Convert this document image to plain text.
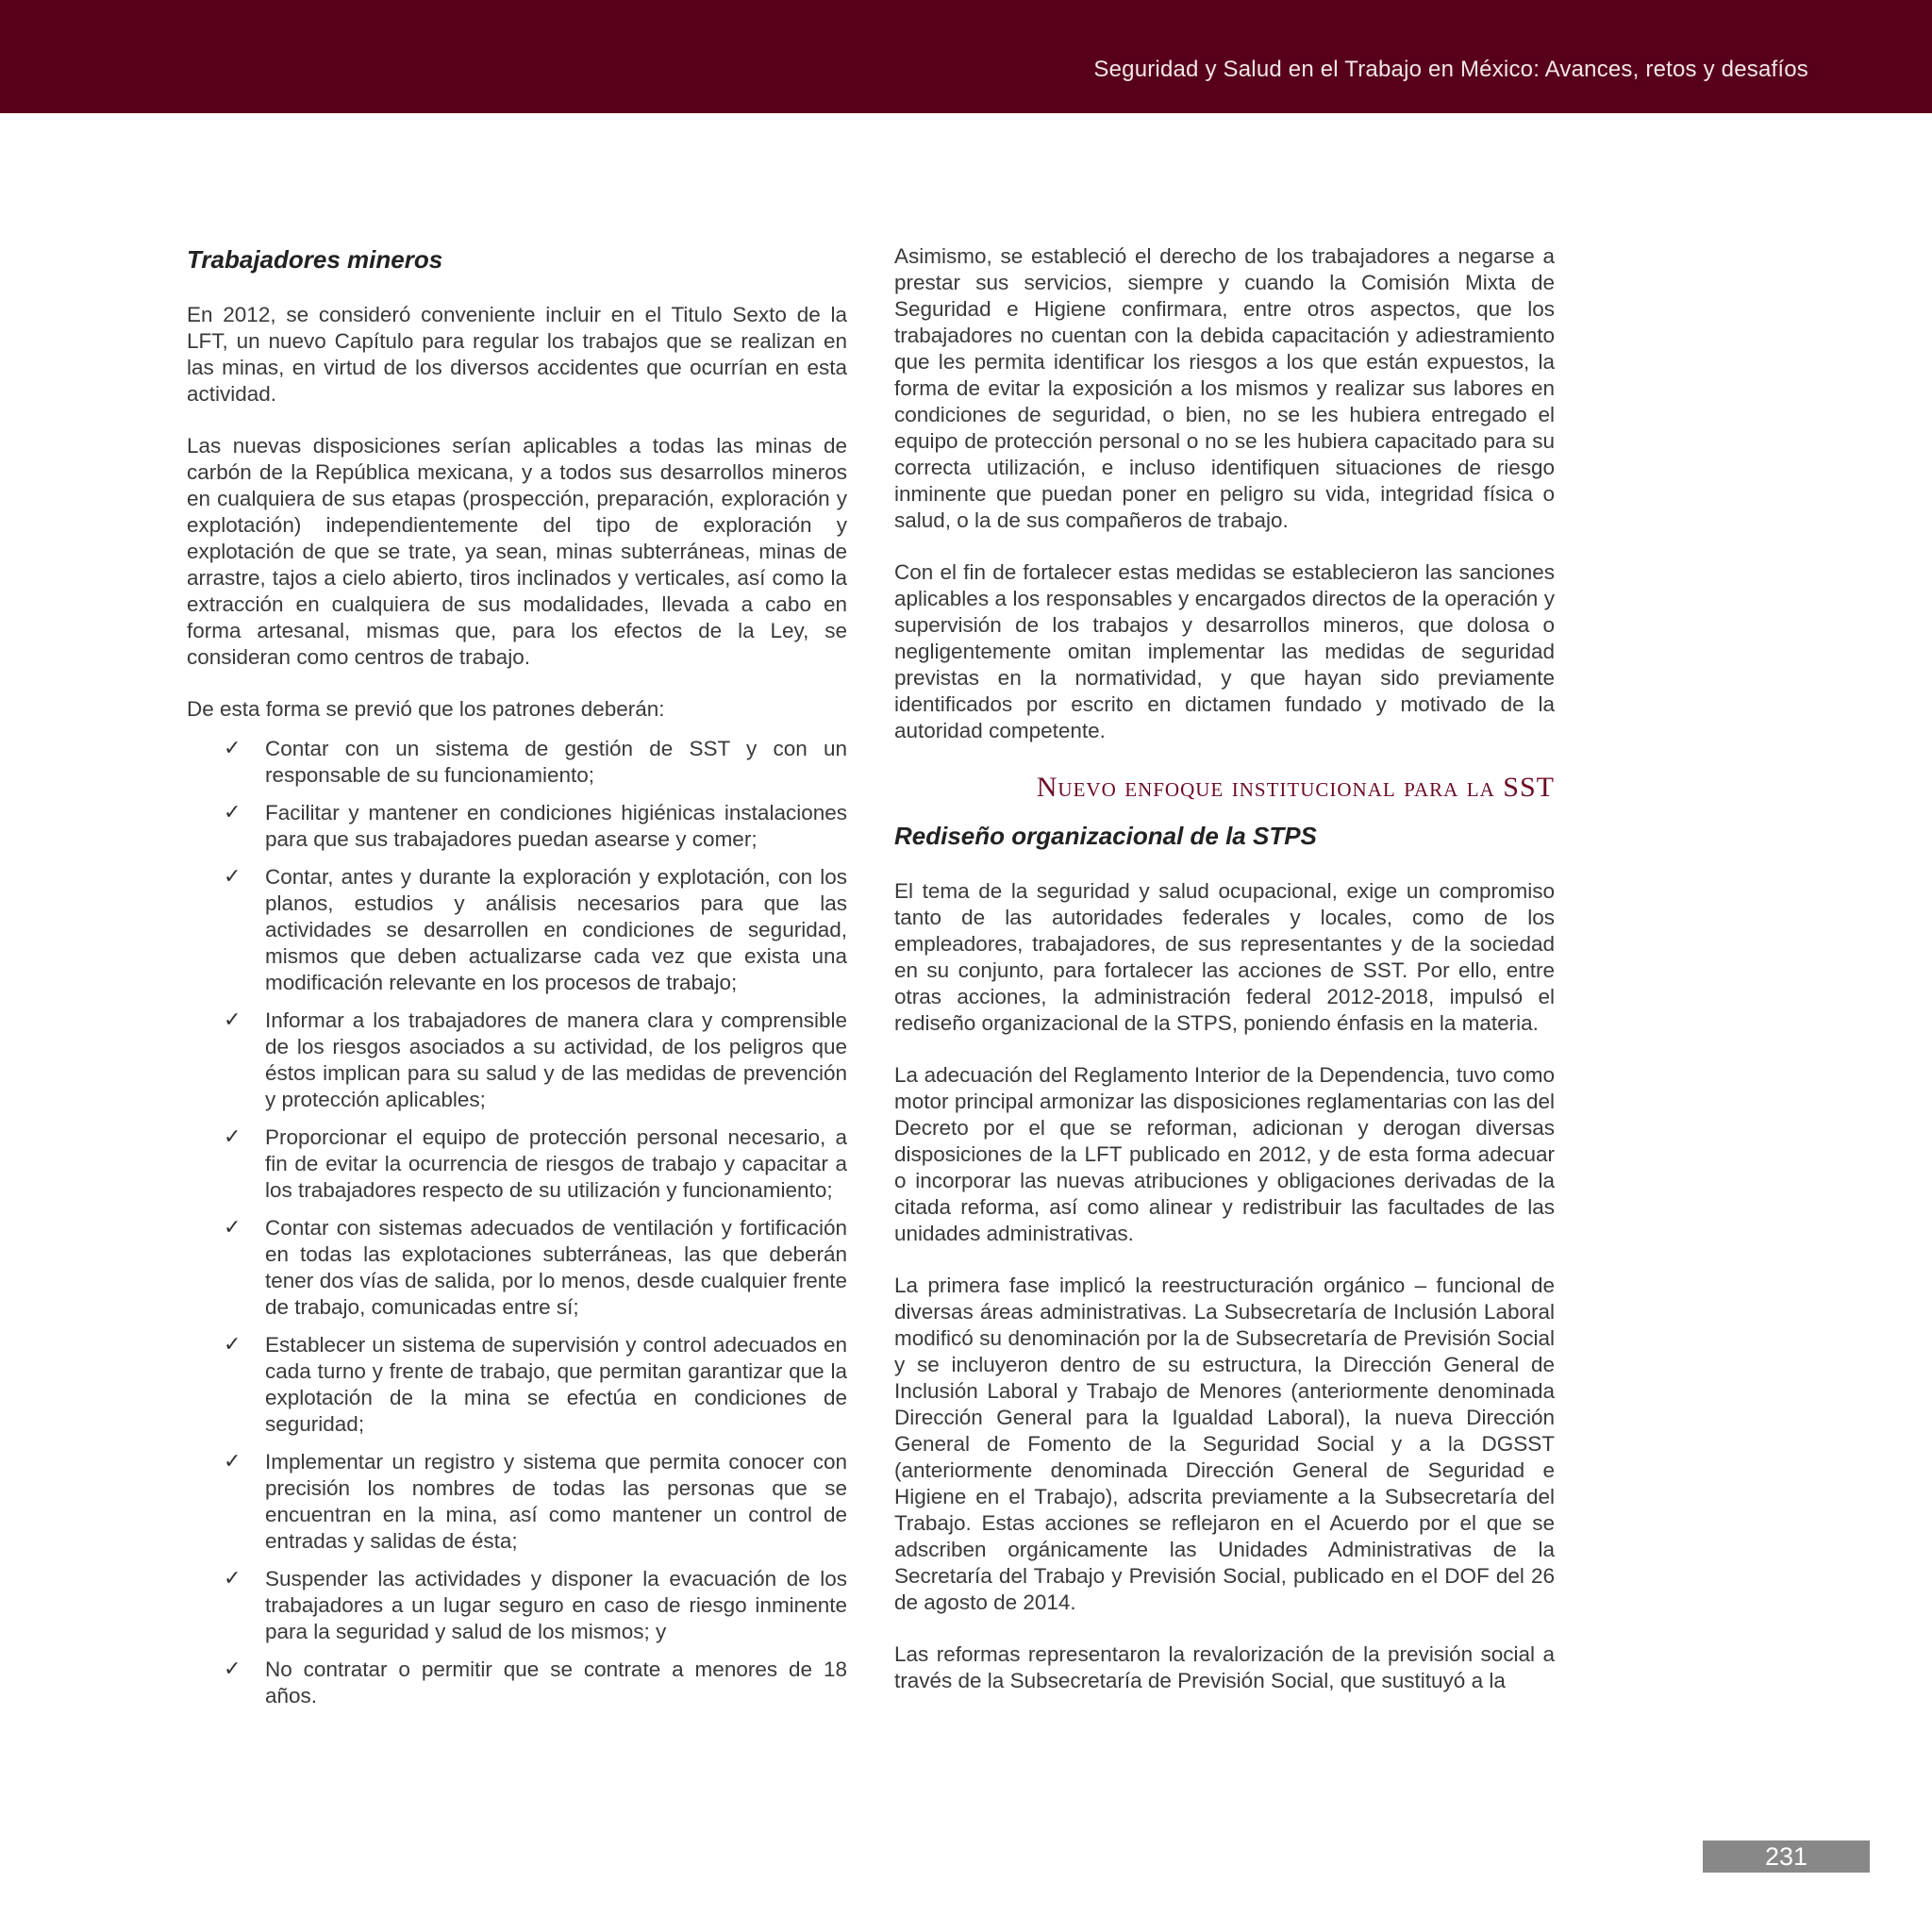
Seguridad y Salud en el Trabajo en México: Avances, retos y desafíos
Trabajadores mineros

En 2012, se consideró conveniente incluir en el Titulo Sexto de la LFT, un nuevo Capítulo para regular los trabajos que se realizan en las minas, en virtud de los diversos accidentes que ocurrían en esta actividad.

Las nuevas disposiciones serían aplicables a todas las minas de carbón de la República mexicana, y a todos sus desarrollos mineros en cualquiera de sus etapas (prospección, preparación, exploración y explotación) independientemente del tipo de exploración y explotación de que se trate, ya sean, minas subterráneas, minas de arrastre, tajos a cielo abierto, tiros inclinados y verticales, así como la extracción en cualquiera de sus modalidades, llevada a cabo en forma artesanal, mismas que, para los efectos de la Ley, se consideran como centros de trabajo.

De esta forma se previó que los patrones deberán:

✓ Contar con un sistema de gestión de SST y con un responsable de su funcionamiento;
✓ Facilitar y mantener en condiciones higiénicas instalaciones para que sus trabajadores puedan asearse y comer;
✓ Contar, antes y durante la exploración y explotación, con los planos, estudios y análisis necesarios para que las actividades se desarrollen en condiciones de seguridad, mismos que deben actualizarse cada vez que exista una modificación relevante en los procesos de trabajo;
✓ Informar a los trabajadores de manera clara y comprensible de los riesgos asociados a su actividad, de los peligros que éstos implican para su salud y de las medidas de prevención y protección aplicables;
✓ Proporcionar el equipo de protección personal necesario, a fin de evitar la ocurrencia de riesgos de trabajo y capacitar a los trabajadores respecto de su utilización y funcionamiento;
✓ Contar con sistemas adecuados de ventilación y fortificación en todas las explotaciones subterráneas, las que deberán tener dos vías de salida, por lo menos, desde cualquier frente de trabajo, comunicadas entre sí;
✓ Establecer un sistema de supervisión y control adecuados en cada turno y frente de trabajo, que permitan garantizar que la explotación de la mina se efectúa en condiciones de seguridad;
✓ Implementar un registro y sistema que permita conocer con precisión los nombres de todas las personas que se encuentran en la mina, así como mantener un control de entradas y salidas de ésta;
✓ Suspender las actividades y disponer la evacuación de los trabajadores a un lugar seguro en caso de riesgo inminente para la seguridad y salud de los mismos; y
✓ No contratar o permitir que se contrate a menores de 18 años.

Asimismo, se estableció el derecho de los trabajadores a negarse a prestar sus servicios, siempre y cuando la Comisión Mixta de Seguridad e Higiene confirmara, entre otros aspectos, que los trabajadores no cuentan con la debida capacitación y adiestramiento que les permita identificar los riesgos a los que están expuestos, la forma de evitar la exposición a los mismos y realizar sus labores en condiciones de seguridad, o bien, no se les hubiera entregado el equipo de protección personal o no se les hubiera capacitado para su correcta utilización, e incluso identifiquen situaciones de riesgo inminente que puedan poner en peligro su vida, integridad física o salud, o la de sus compañeros de trabajo.

Con el fin de fortalecer estas medidas se establecieron las sanciones aplicables a los responsables y encargados directos de la operación y supervisión de los trabajos y desarrollos mineros, que dolosa o negligentemente omitan implementar las medidas de seguridad previstas en la normatividad, y que hayan sido previamente identificados por escrito en dictamen fundado y motivado de la autoridad competente.

Nuevo enfoque institucional para la SST
Rediseño organizacional de la STPS

El tema de la seguridad y salud ocupacional, exige un compromiso tanto de las autoridades federales y locales, como de los empleadores, trabajadores, de sus representantes y de la sociedad en su conjunto, para fortalecer las acciones de SST. Por ello, entre otras acciones, la administración federal 2012-2018, impulsó el rediseño organizacional de la STPS, poniendo énfasis en la materia.

La adecuación del Reglamento Interior de la Dependencia, tuvo como motor principal armonizar las disposiciones reglamentarias con las del Decreto por el que se reforman, adicionan y derogan diversas disposiciones de la LFT publicado en 2012, y de esta forma adecuar o incorporar las nuevas atribuciones y obligaciones derivadas de la citada reforma, así como alinear y redistribuir las facultades de las unidades administrativas.

La primera fase implicó la reestructuración orgánico – funcional de diversas áreas administrativas. La Subsecretaría de Inclusión Laboral modificó su denominación por la de Subsecretaría de Previsión Social y se incluyeron dentro de su estructura, la Dirección General de Inclusión Laboral y Trabajo de Menores (anteriormente denominada Dirección General para la Igualdad Laboral), la nueva Dirección General de Fomento de la Seguridad Social y a la DGSST (anteriormente denominada Dirección General de Seguridad e Higiene en el Trabajo), adscrita previamente a la Subsecretaría del Trabajo. Estas acciones se reflejaron en el Acuerdo por el que se adscriben orgánicamente las Unidades Administrativas de la Secretaría del Trabajo y Previsión Social, publicado en el DOF del 26 de agosto de 2014.

Las reformas representaron la revalorización de la previsión social a través de la Subsecretaría de Previsión Social, que sustituyó a la

231
